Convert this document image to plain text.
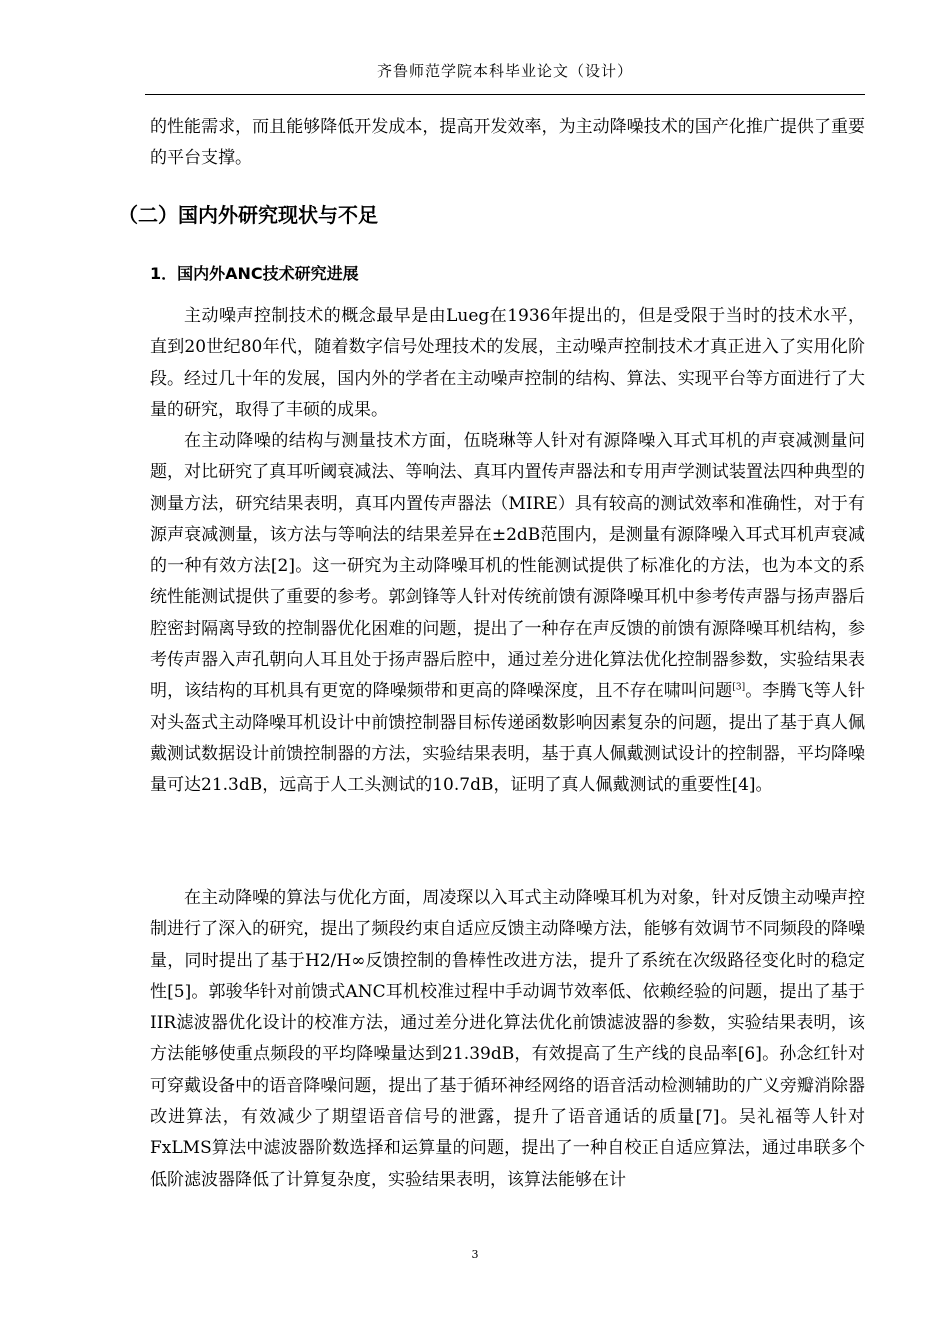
齐鲁师范学院本科毕业论文（设计）

的性能需求，而且能够降低开发成本，提高开发效率，为主动降噪技术的国产化推广提供了重要的平台支撑。

（二）国内外研究现状与不足
1．国内外ANC技术研究进展

主动噪声控制技术的概念最早是由Lueg在1936年提出的，但是受限于当时的技术水平，直到20世纪80年代，随着数字信号处理技术的发展，主动噪声控制技术才真正进入了实用化阶段。经过几十年的发展，国内外的学者在主动噪声控制的结构、算法、实现平台等方面进行了大量的研究，取得了丰硕的成果。

在主动降噪的结构与测量技术方面，伍晓琳等人针对有源降噪入耳式耳机的声衰减测量问题，对比研究了真耳听阈衰减法、等响法、真耳内置传声器法和专用声学测试装置法四种典型的测量方法，研究结果表明，真耳内置传声器法（MIRE）具有较高的测试效率和准确性，对于有源声衰减测量，该方法与等响法的结果差异在±2dB范围内，是测量有源降噪入耳式耳机声衰减的一种有效方法[2]。这一研究为主动降噪耳机的性能测试提供了标准化的方法，也为本文的系统性能测试提供了重要的参考。郭剑锋等人针对传统前馈有源降噪耳机中参考传声器与扬声器后腔密封隔离导致的控制器优化困难的问题，提出了一种存在声反馈的前馈有源降噪耳机结构，参考传声器入声孔朝向人耳且处于扬声器后腔中，通过差分进化算法优化控制器参数，实验结果表明，该结构的耳机具有更宽的降噪频带和更高的降噪深度，且不存在啸叫问题[3]。李腾飞等人针对头盔式主动降噪耳机设计中前馈控制器目标传递函数影响因素复杂的问题，提出了基于真人佩戴测试数据设计前馈控制器的方法，实验结果表明，基于真人佩戴测试设计的控制器，平均降噪量可达21.3dB，远高于人工头测试的10.7dB，证明了真人佩戴测试的重要性[4]。

在主动降噪的算法与优化方面，周凌琛以入耳式主动降噪耳机为对象，针对反馈主动噪声控制进行了深入的研究，提出了频段约束自适应反馈主动降噪方法，能够有效调节不同频段的降噪量，同时提出了基于H2/H∞反馈控制的鲁棒性改进方法，提升了系统在次级路径变化时的稳定性[5]。郭骏华针对前馈式ANC耳机校准过程中手动调节效率低、依赖经验的问题，提出了基于IIR滤波器优化设计的校准方法，通过差分进化算法优化前馈滤波器的参数，实验结果表明，该方法能够使重点频段的平均降噪量达到21.39dB，有效提高了生产线的良品率[6]。孙念红针对可穿戴设备中的语音降噪问题，提出了基于循环神经网络的语音活动检测辅助的广义旁瓣消除器改进算法，有效减少了期望语音信号的泄露，提升了语音通话的质量[7]。吴礼福等人针对FxLMS算法中滤波器阶数选择和运算量的问题，提出了一种自校正自适应算法，通过串联多个低阶滤波器降低了计算复杂度，实验结果表明，该算法能够在计

3
